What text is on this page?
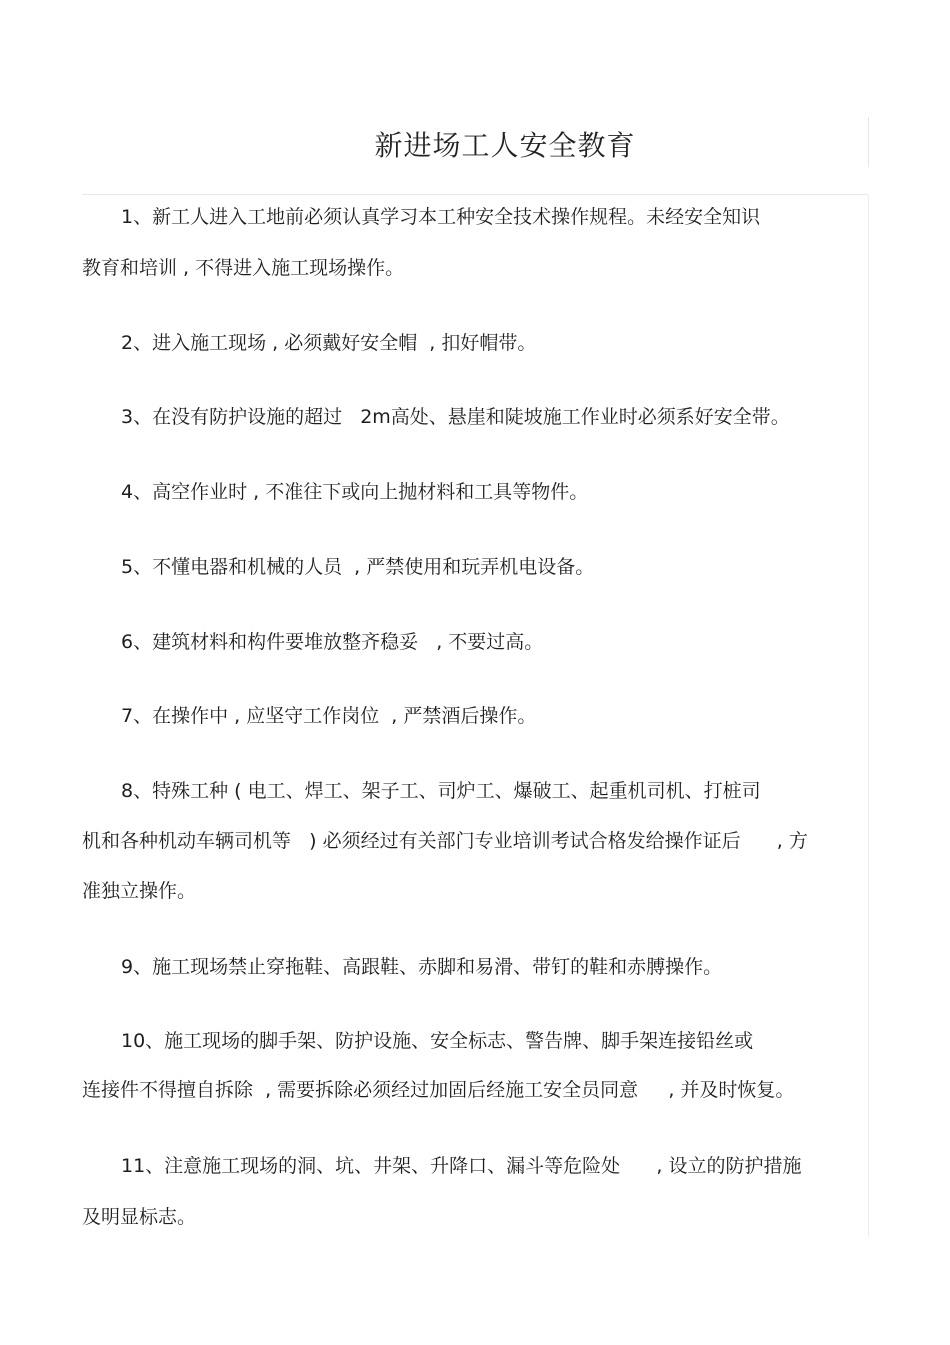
新进场工人安全教育
1、新工人进入工地前必须认真学习本工种安全技术操作规程。未经安全知识
教育和培训 , 不得进入施工现场操作。
2、进入施工现场 , 必须戴好安全帽  , 扣好帽带。
3、在没有防护设施的超过   2m高处、悬崖和陡坡施工作业时必须系好安全带。
4、高空作业时 , 不准往下或向上抛材料和工具等物件。
5、不懂电器和机械的人员  , 严禁使用和玩弄机电设备。
6、建筑材料和构件要堆放整齐稳妥   , 不要过高。
7、在操作中 , 应坚守工作岗位  , 严禁酒后操作。
8、特殊工种 ( 电工、焊工、架子工、司炉工、爆破工、起重机司机、打桩司
机和各种机动车辆司机等   ) 必须经过有关部门专业培训考试合格发给操作证后      , 方
准独立操作。
9、施工现场禁止穿拖鞋、高跟鞋、赤脚和易滑、带钉的鞋和赤膊操作。
10、施工现场的脚手架、防护设施、安全标志、警告牌、脚手架连接铅丝或
连接件不得擅自拆除  , 需要拆除必须经过加固后经施工安全员同意     , 并及时恢复。
11、注意施工现场的洞、坑、井架、升降口、漏斗等危险处      , 设立的防护措施
及明显标志。
